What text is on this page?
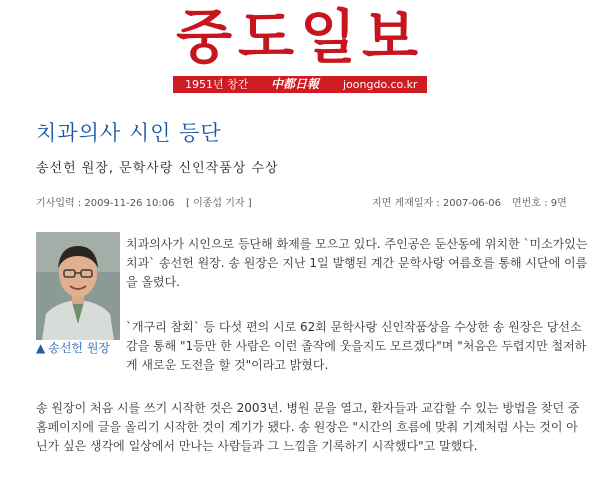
중도일보
1951년 창간 中都日報 joongdo.co.kr
치과의사 시인 등단
송선헌 원장, 문학사랑 신인작품상 수상
기사입력 : 2009-11-26 10:06 [ 이종섭 기자 ]	지면 게재일자 : 2007-06-06 면번호 : 9면
▲ 송선헌 원장

치과의사가 시인으로 등단해 화제를 모으고 있다. 주인공은 둔산동에 위치한 `미소가있는치과` 송선헌 원장. 송 원장은 지난 1일 발행된 계간 문학사랑 여름호를 통해 시단에 이름을 올렸다.

`개구리 참회` 등 다섯 편의 시로 62회 문학사랑 신인작품상을 수상한 송 원장은 당선소감을 통해 "1등만 한 사람은 이런 졸작에 웃을지도 모르겠다"며 "처음은 두렵지만 철저하게 새로운 도전을 할 것"이라고 밝혔다.

송 원장이 처음 시를 쓰기 시작한 것은 2003년. 병원 문을 열고, 환자들과 교감할 수 있는 방법을 찾던 중 홈페이지에 글을 올리기 시작한 것이 계기가 됐다. 송 원장은 "시간의 흐름에 맞춰 기계처럼 사는 것이 아닌가 싶은 생각에 일상에서 만나는 사람들과 그 느낌을 기록하기 시작했다"고 말했다.
